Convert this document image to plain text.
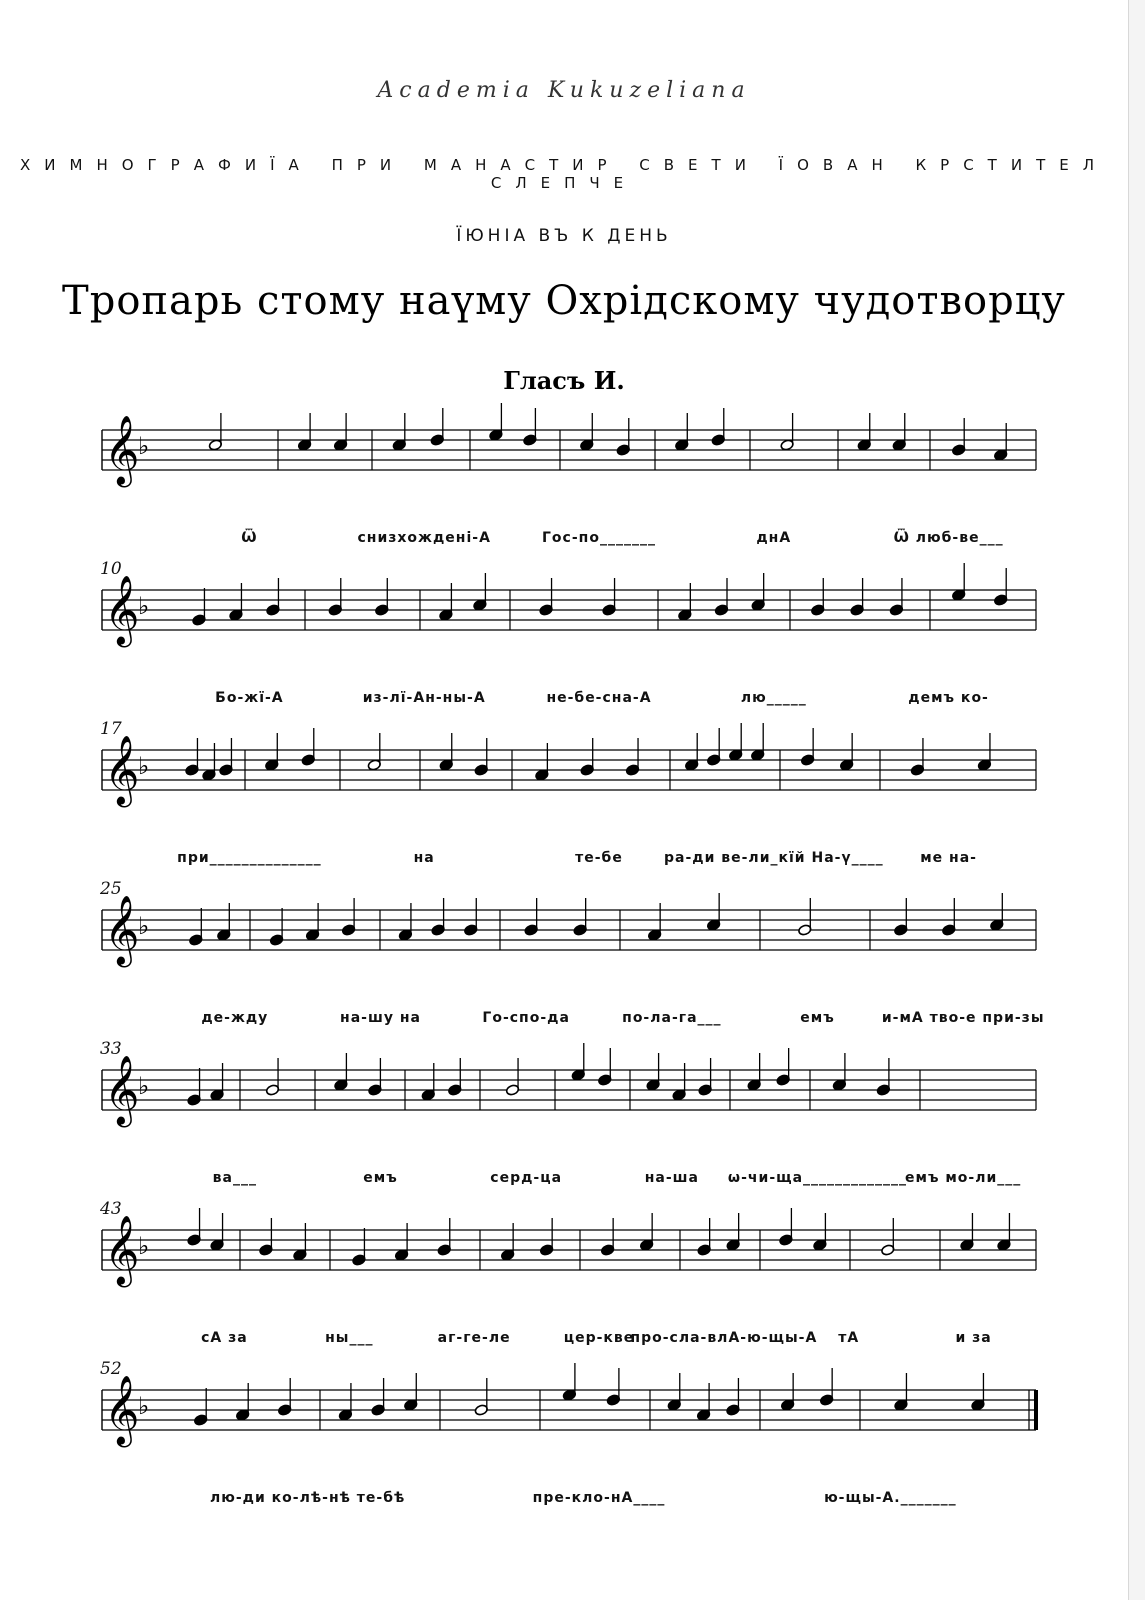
Academia Kukuzeliana
ХИМНОГРАФИЇА ПРИ МАНАСТИР СВЕТИ ЇОВАН КРСТИТЕЛ СЛЕПЧЕ
ЇЮНІА ВЪ К ДЕНЬ
Тропарь стому наүму Охрідскому чудотворцу
Гласъ И.
𝄞
♭
Ѿ	снизхождені-А	Гос-по_______	днА	Ѿ люб-ве___
𝄞
♭
10
Бо-жї-А	из-лї-Ан-ны-А	не-бе-сна-А	лю_____	демъ ко-
𝄞
♭
17
при______________	на	те-бе	ра-ди ве-ли_кїй На-ү____	ме на-
𝄞
♭
25
де-жду	на-шу на	Го-спо-да	по-ла-га___	емъ	и-мА тво-е при-зы
𝄞
♭
33
ва___	емъ	серд-ца	на-ша ѡ-чи-ща_____________
емъ мо-ли___
𝄞
♭
43
сА за	ны___	аг-ге-ле	цер-кве
про-сла-влА-ю-щы-А тА	и за
𝄞
♭
52
лю-ди ко-лѣ-нѣ те-бѣ	пре-кло-нА____	ю-щы-А._______
